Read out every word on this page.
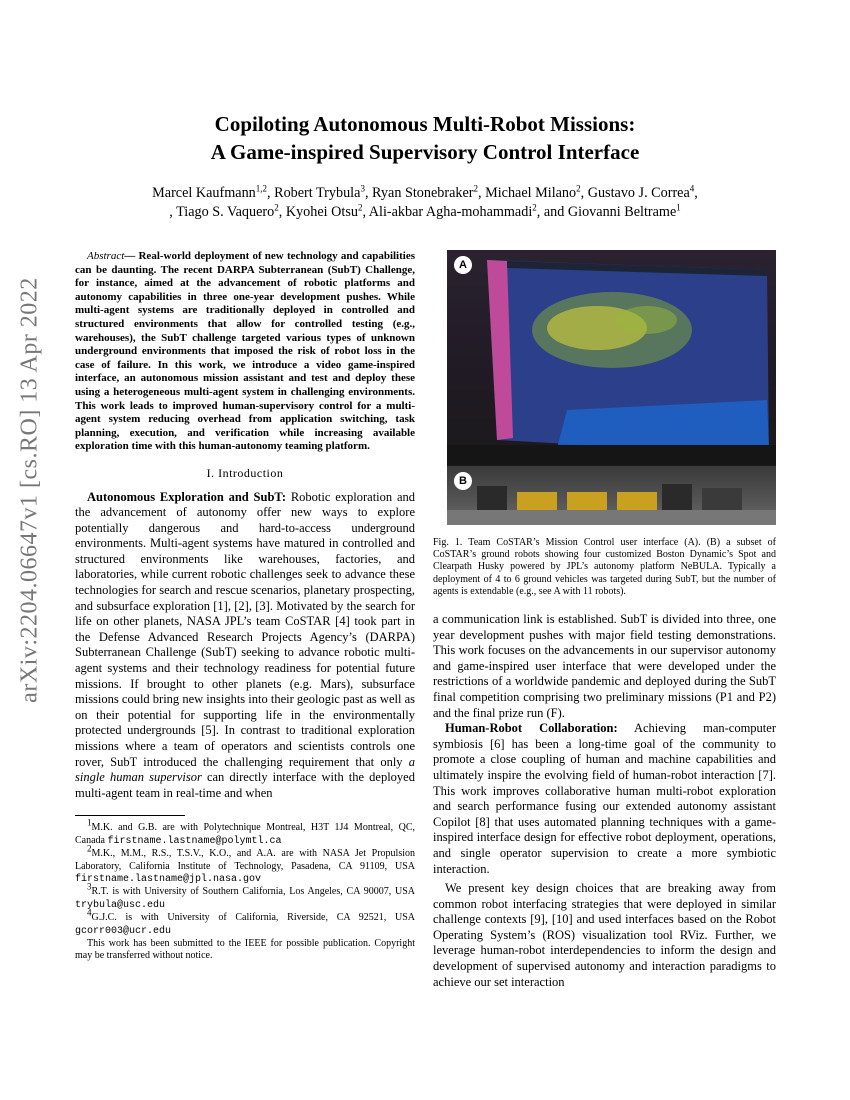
arXiv:2204.06647v1 [cs.RO] 13 Apr 2022
Copiloting Autonomous Multi-Robot Missions:
A Game-inspired Supervisory Control Interface
Marcel Kaufmann$^{1,2}$, Robert Trybula$^3$, Ryan Stonebraker$^2$, Michael Milano$^2$, Gustavo J. Correa$^4$,
, Tiago S. Vaquero$^2$, Kyohei Otsu$^2$, Ali-akbar Agha-mohammadi$^2$, and Giovanni Beltrame$^1$

Abstract— Real-world deployment of new technology and capabilities can be daunting. The recent DARPA Subterranean (SubT) Challenge, for instance, aimed at the advancement of robotic platforms and autonomy capabilities in three one-year development pushes. While multi-agent systems are traditionally deployed in controlled and structured environments that allow for controlled testing (e.g., warehouses), the SubT challenge targeted various types of unknown underground environments that imposed the risk of robot loss in the case of failure. In this work, we introduce a video game-inspired interface, an autonomous mission assistant and test and deploy these using a heterogeneous multi-agent system in challenging environments. This work leads to improved human-supervisory control for a multi-agent system reducing overhead from application switching, task planning, execution, and verification while increasing available exploration time with this human-autonomy teaming platform.

I. Introduction

Autonomous Exploration and SubT: Robotic exploration and the advancement of autonomy offer new ways to explore potentially dangerous and hard-to-access underground environments. Multi-agent systems have matured in controlled and structured environments like warehouses, factories, and laboratories, while current robotic challenges seek to advance these technologies for search and rescue scenarios, planetary prospecting, and subsurface exploration [1], [2], [3]. Motivated by the search for life on other planets, NASA JPL’s team CoSTAR [4] took part in the Defense Advanced Research Projects Agency’s (DARPA) Subterranean Challenge (SubT) seeking to advance robotic multi-agent systems and their technology readiness for potential future missions. If brought to other planets (e.g. Mars), subsurface missions could bring new insights into their geologic past as well as on their potential for supporting life in the environmentally protected undergrounds [5]. In contrast to traditional exploration missions where a team of operators and scientists controls one rover, SubT introduced the challenging requirement that only a single human supervisor can directly interface with the deployed multi-agent team in real-time and when

$^1$M.K. and G.B. are with Polytechnique Montreal, H3T 1J4 Montreal, QC, Canada firstname.lastname@polymtl.ca

$^2$M.K., M.M., R.S., T.S.V., K.O., and A.A. are with NASA Jet Propulsion Laboratory, California Institute of Technology, Pasadena, CA 91109, USA firstname.lastname@jpl.nasa.gov

$^3$R.T. is with University of Southern California, Los Angeles, CA 90007, USA trybula@usc.edu

$^4$G.J.C. is with University of California, Riverside, CA 92521, USA gcorr003@ucr.edu

This work has been submitted to the IEEE for possible publication. Copyright may be transferred without notice.

A
B

Fig. 1. Team CoSTAR’s Mission Control user interface (A). (B) a subset of CoSTAR’s ground robots showing four customized Boston Dynamic’s Spot and Clearpath Husky powered by JPL’s autonomy platform NeBULA. Typically a deployment of 4 to 6 ground vehicles was targeted during SubT, but the number of agents is extendable (e.g., see A with 11 robots).

a communication link is established. SubT is divided into three, one year development pushes with major field testing demonstrations. This work focuses on the advancements in our supervisor autonomy and game-inspired user interface that were developed under the restrictions of a worldwide pandemic and deployed during the SubT final competition comprising two preliminary missions (P1 and P2) and the final prize run (F).

Human-Robot Collaboration: Achieving man-computer symbiosis [6] has been a long-time goal of the community to promote a close coupling of human and machine capabilities and ultimately inspire the evolving field of human-robot interaction [7]. This work improves collaborative human multi-robot exploration and search performance fusing our extended autonomy assistant Copilot [8] that uses automated planning techniques with a game-inspired interface design for effective robot deployment, operations, and single operator supervision to create a more symbiotic interaction.

We present key design choices that are breaking away from common robot interfacing strategies that were deployed in similar challenge contexts [9], [10] and used interfaces based on the Robot Operating System’s (ROS) visualization tool RViz. Further, we leverage human-robot interdependencies to inform the design and development of supervised autonomy and interaction paradigms to achieve our set interaction
